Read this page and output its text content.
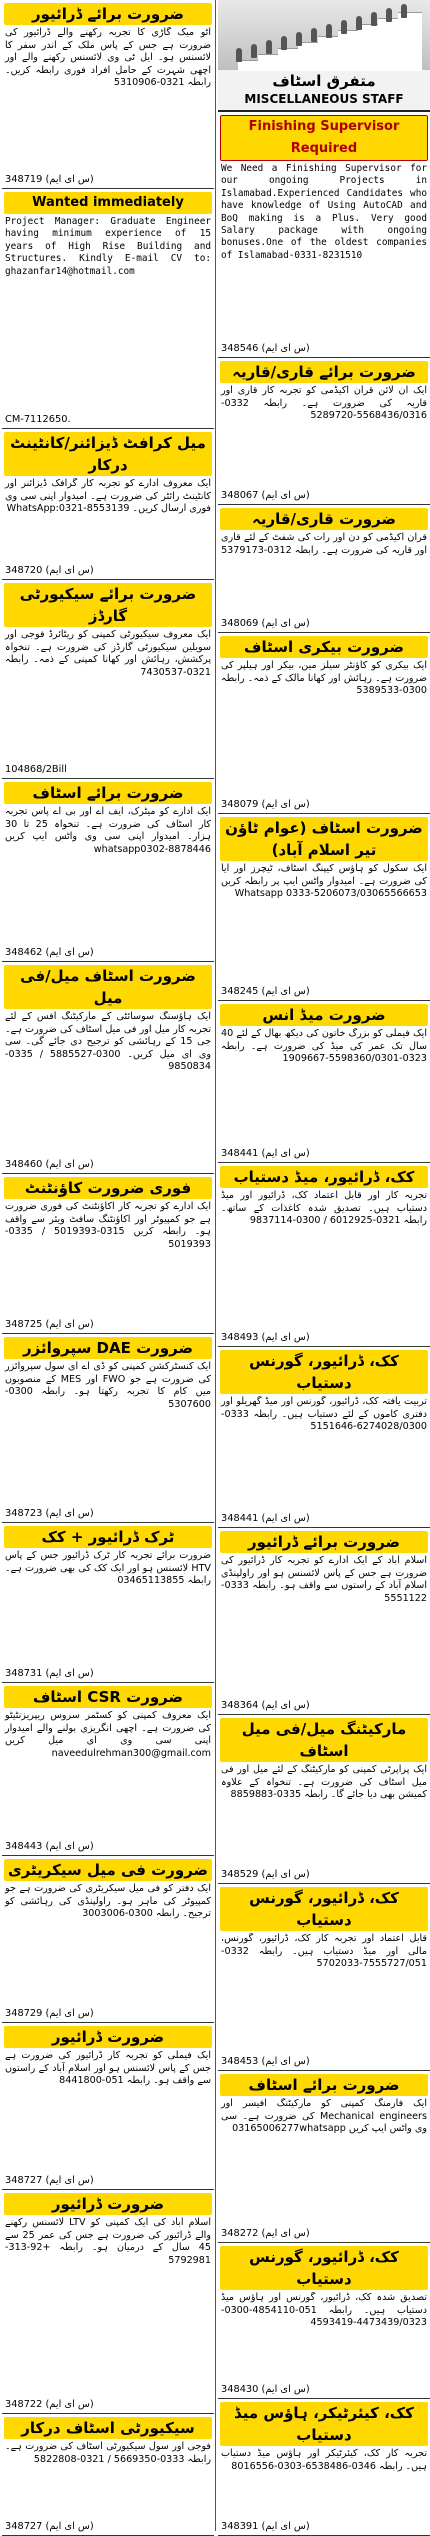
ضرورت برائے ڈرائیور
آٹو میک گاڑی کا تجربہ رکھنے والے ڈرائیور کی ضرورت ہے جس کے پاس ملک کے اندر سفر کا لائسنس ہو۔ ایل ٹی وی لائسنس رکھنے والے اور اچھی شہرت کے حامل افراد فوری رابطہ کریں۔ رابطہ 0321-5310906
348719 (س ای ایم)
Wanted immediately
Project Manager: Graduate Engineer having minimum experience of 15 years of High Rise Building and Structures. Kindly E-mail CV to: ghazanfar14@hotmail.com
CM-7112650.
میل کرافٹ ڈیزائنر/کانٹینٹ درکار
ایک معروف ادارے کو تجربہ کار گرافک ڈیزائنر اور کانٹینٹ رائٹر کی ضرورت ہے۔ امیدوار اپنی سی وی فوری ارسال کریں۔ WhatsApp:0321-8553139
348720 (س ای ایم)
ضرورت برائے سیکیورٹی گارڈز
ایک معروف سیکیورٹی کمپنی کو ریٹائرڈ فوجی اور سویلین سیکیورٹی گارڈز کی ضرورت ہے۔ تنخواہ پرکشش، رہائش اور کھانا کمپنی کے ذمہ۔ رابطہ 0321-7430537
104868/2Bill
ضرورت برائے اسٹاف
ایک ادارے کو میٹرک، ایف اے اور بی اے پاس تجربہ کار اسٹاف کی ضرورت ہے۔ تنخواہ 25 تا 30 ہزار۔ امیدوار اپنی سی وی واٹس ایپ کریں whatsapp0302-8878446
348462 (س ای ایم)
ضرورت اسٹاف میل/فی میل
ایک ہاؤسنگ سوسائٹی کے مارکیٹنگ آفس کے لئے تجربہ کار میل اور فی میل اسٹاف کی ضرورت ہے۔ جی 15 کے رہائشی کو ترجیح دی جائے گی۔ سی وی ای میل کریں۔ 0300-5885527 / 0335-9850834
348460 (س ای ایم)
فوری ضرورت کاؤنٹنٹ
ایک ادارے کو تجربہ کار اکاؤنٹنٹ کی فوری ضرورت ہے جو کمپیوٹر اور اکاؤنٹنگ سافٹ ویئر سے واقف ہو۔ رابطہ کریں 0315-5019393 / 0335-5019393
348725 (س ای ایم)
ضرورت DAE سپروائزر
ایک کنسٹرکشن کمپنی کو ڈی اے ای سول سپروائزر کی ضرورت ہے جو FWO اور MES کے منصوبوں میں کام کا تجربہ رکھتا ہو۔ رابطہ 0300-5307600
348723 (س ای ایم)
ٹرک ڈرائیور + کک
ضرورت برائے تجربہ کار ٹرک ڈرائیور جس کے پاس HTV لائسنس ہو اور ایک کک کی بھی ضرورت ہے۔ رابطہ 03465113855
348731 (س ای ایم)
ضرورت CSR اسٹاف
ایک معروف کمپنی کو کسٹمر سروس ریپریزنٹیٹو کی ضرورت ہے۔ اچھی انگریزی بولنے والے امیدوار اپنی سی وی ای میل کریں naveedulrehman300@gmail.com
348443 (س ای ایم)
ضرورت فی میل سیکریٹری
ایک دفتر کو فی میل سیکریٹری کی ضرورت ہے جو کمپیوٹر کی ماہر ہو۔ راولپنڈی کی رہائشی کو ترجیح۔ رابطہ 0300-3003006
348729 (س ای ایم)
ضرورت ڈرائیور
ایک فیملی کو تجربہ کار ڈرائیور کی ضرورت ہے جس کے پاس لائسنس ہو اور اسلام آباد کے راستوں سے واقف ہو۔ رابطہ 051-8441800
348727 (س ای ایم)
ضرورت ڈرائیور
اسلام آباد کی ایک کمپنی کو LTV لائسنس رکھنے والے ڈرائیور کی ضرورت ہے جس کی عمر 25 سے 45 سال کے درمیان ہو۔ رابطہ +92-313-5792981
348722 (س ای ایم)
سیکیورٹی اسٹاف درکار
فوجی اور سول سیکیورٹی اسٹاف کی ضرورت ہے۔ رابطہ 0333-5669350 / 0321-5822808
348727 (س ای ایم)
متفرق اسٹاف
MISCELLANEOUS STAFF
Finishing Supervisor Required
We Need a Finishing Supervisor for our ongoing Projects in Islamabad.Experienced Candidates who have knowledge of Using AutoCAD and BoQ making is a Plus. Very good Salary package with ongoing bonuses.One of the oldest companies of Islamabad-0331-8231510
348546 (س ای ایم)
ضرورت برائے قاری/قاریہ
ایک آن لائن قرآن اکیڈمی کو تجربہ کار قاری اور قاریہ کی ضرورت ہے۔ رابطہ 0332-5568436/0316-5289720
348067 (س ای ایم)
ضرورت قاری/قاریہ
قرآن اکیڈمی کو دن اور رات کی شفٹ کے لئے قاری اور قاریہ کی ضرورت ہے۔ رابطہ 0312-5379173
348069 (س ای ایم)
ضرورت بیکری اسٹاف
ایک بیکری کو کاؤنٹر سیلز مین، بیکر اور ہیلپر کی ضرورت ہے۔ رہائش اور کھانا مالک کے ذمہ۔ رابطہ 0300-5389533
348079 (س ای ایم)
ضرورت اسٹاف (عوام ٹاؤن تیر اسلام آباد)
ایک سکول کو ہاؤس کیپنگ اسٹاف، ٹیچرز اور آیا کی ضرورت ہے۔ امیدوار واٹس ایپ پر رابطہ کریں Whatsapp 0333-5206073/03065566653
348245 (س ای ایم)
ضرورت میڈ انس
ایک فیملی کو بزرگ خاتون کی دیکھ بھال کے لئے 40 سال تک عمر کی میڈ کی ضرورت ہے۔ رابطہ 0323-5598360/0301-1909667
348441 (س ای ایم)
کک، ڈرائیور، میڈ دستیاب
تجربہ کار اور قابل اعتماد کک، ڈرائیور اور میڈ دستیاب ہیں۔ تصدیق شدہ کاغذات کے ساتھ۔ رابطہ 0321-6012925 / 0300-9837114
348493 (س ای ایم)
کک، ڈرائیور، گورنس دستیاب
تربیت یافتہ کک، ڈرائیور، گورنس اور میڈ گھریلو اور دفتری کاموں کے لئے دستیاب ہیں۔ رابطہ 0333-6274028/0300-5151646
348441 (س ای ایم)
ضرورت برائے ڈرائیور
اسلام آباد کے ایک ادارے کو تجربہ کار ڈرائیور کی ضرورت ہے جس کے پاس لائسنس ہو اور راولپنڈی اسلام آباد کے راستوں سے واقف ہو۔ رابطہ 0333-5551122
348364 (س ای ایم)
مارکیٹنگ میل/فی میل اسٹاف
ایک پراپرٹی کمپنی کو مارکیٹنگ کے لئے میل اور فی میل اسٹاف کی ضرورت ہے۔ تنخواہ کے علاوہ کمیشن بھی دیا جائے گا۔ رابطہ 0335-8859883
348529 (س ای ایم)
کک، ڈرائیور، گورنس دستیاب
قابل اعتماد اور تجربہ کار کک، ڈرائیور، گورنس، مالی اور میڈ دستیاب ہیں۔ رابطہ 0332-7555727/051-5702033
348453 (س ای ایم)
ضرورت برائے اسٹاف
ایک فارمنگ کمپنی کو مارکیٹنگ آفیسر اور Mechanical engineers کی ضرورت ہے۔ سی وی واٹس ایپ کریں 03165006277whatsapp
348272 (س ای ایم)
کک، ڈرائیور، گورنس دستیاب
تصدیق شدہ کک، ڈرائیور، گورنس اور ہاؤس میڈ دستیاب ہیں۔ رابطہ 051-4854110-0300-4473439/0323-4593419
348430 (س ای ایم)
کک، کیئرٹیکر، ہاؤس میڈ دستیاب
تجربہ کار کک، کیئرٹیکر اور ہاؤس میڈ دستیاب ہیں۔ رابطہ 0346-6538486-0303-8016556
348391 (س ای ایم)
